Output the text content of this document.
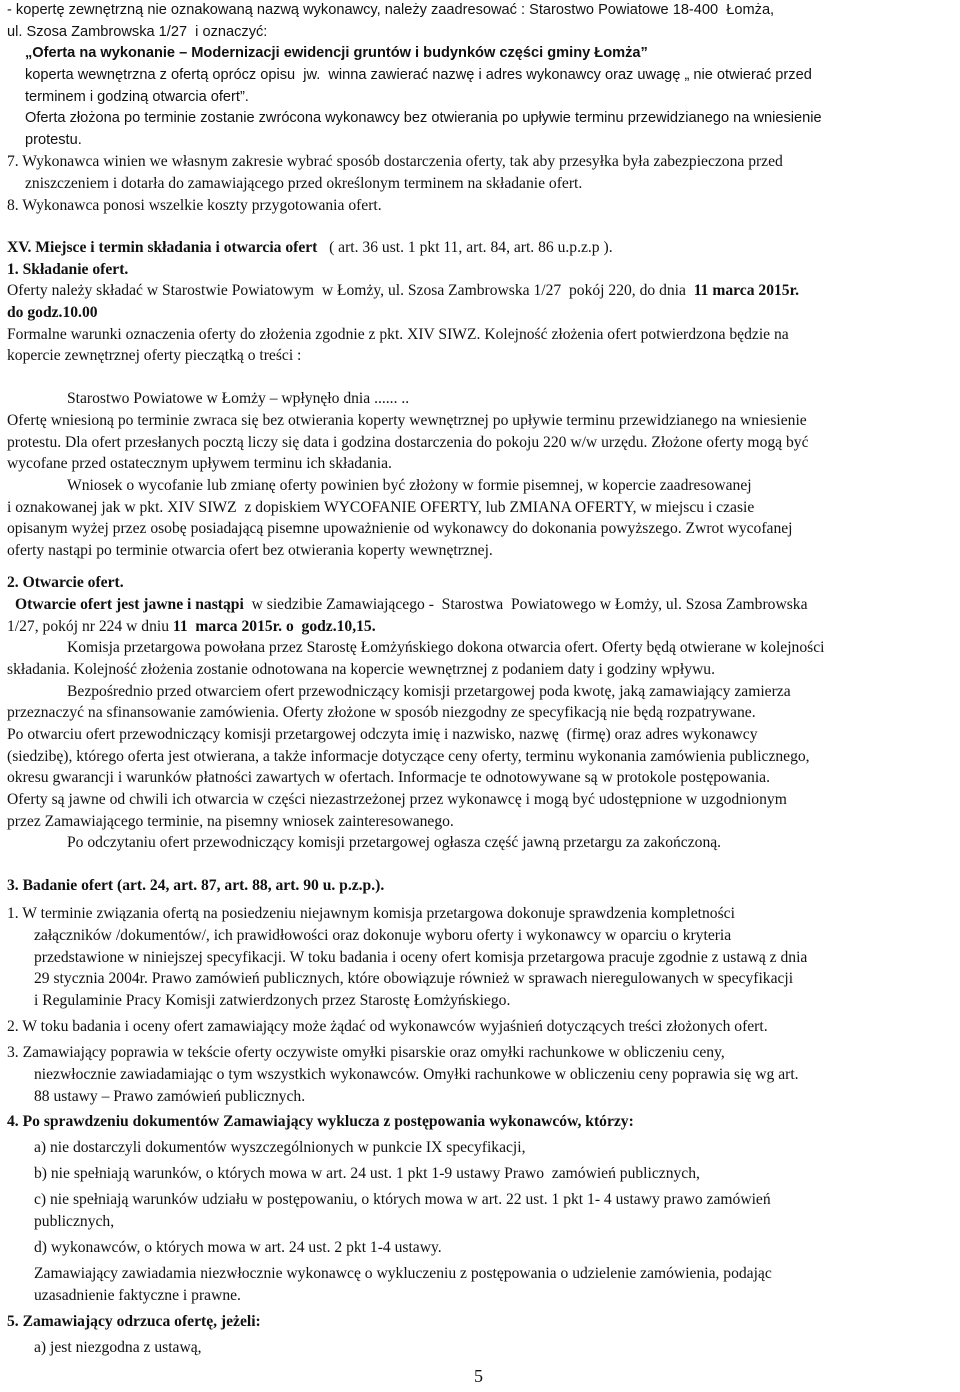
- kopertę zewnętrzną nie oznakowaną nazwą wykonawcy, należy zaadresować : Starostwo Powiatowe 18-400  Łomża,

ul. Szosa Zambrowska 1/27  i oznaczyć:

„Oferta na wykonanie – Modernizacji ewidencji gruntów i budynków części gminy Łomża”

koperta wewnętrzna z ofertą oprócz opisu  jw.  winna zawierać nazwę i adres wykonawcy oraz uwagę „ nie otwierać przed

terminem i godziną otwarcia ofert”.

Oferta złożona po terminie zostanie zwrócona wykonawcy bez otwierania po upływie terminu przewidzianego na wniesienie

protestu.

7. Wykonawca winien we własnym zakresie wybrać sposób dostarczenia oferty, tak aby przesyłka była zabezpieczona przed

zniszczeniem i dotarła do zamawiającego przed określonym terminem na składanie ofert.

8. Wykonawca ponosi wszelkie koszty przygotowania ofert.

XV. Miejsce i termin składania i otwarcia ofert ( art. 36 ust. 1 pkt 11, art. 84, art. 86 u.p.z.p ).

1. Składanie ofert.

Oferty należy składać w Starostwie Powiatowym  w Łomży, ul. Szosa Zambrowska 1/27  pokój 220, do dnia 11 marca 2015r.

do godz.10.00

Formalne warunki oznaczenia oferty do złożenia zgodnie z pkt. XIV SIWZ. Kolejność złożenia ofert potwierdzona będzie na

kopercie zewnętrznej oferty pieczątką o treści :

Starostwo Powiatowe w Łomży – wpłynęło dnia ...... ..

Ofertę wniesioną po terminie zwraca się bez otwierania koperty wewnętrznej po upływie terminu przewidzianego na wniesienie

protestu. Dla ofert przesłanych pocztą liczy się data i godzina dostarczenia do pokoju 220 w/w urzędu. Złożone oferty mogą być

wycofane przed ostatecznym upływem terminu ich składania.

Wniosek o wycofanie lub zmianę oferty powinien być złożony w formie pisemnej, w kopercie zaadresowanej

i oznakowanej jak w pkt. XIV SIWZ  z dopiskiem WYCOFANIE OFERTY, lub ZMIANA OFERTY, w miejscu i czasie

opisanym wyżej przez osobę posiadającą pisemne upoważnienie od wykonawcy do dokonania powyższego. Zwrot wycofanej

oferty nastąpi po terminie otwarcia ofert bez otwierania koperty wewnętrznej.

2. Otwarcie ofert.

Otwarcie ofert jest jawne i nastąpi w siedzibie Zamawiającego -  Starostwa  Powiatowego w Łomży, ul. Szosa Zambrowska

1/27, pokój nr 224 w dniu 11  marca 2015r. o  godz.10,15.

Komisja przetargowa powołana przez Starostę Łomżyńskiego dokona otwarcia ofert. Oferty będą otwierane w kolejności

składania. Kolejność złożenia zostanie odnotowana na kopercie wewnętrznej z podaniem daty i godziny wpływu.

Bezpośrednio przed otwarciem ofert przewodniczący komisji przetargowej poda kwotę, jaką zamawiający zamierza

przeznaczyć na sfinansowanie zamówienia. Oferty złożone w sposób niezgodny ze specyfikacją nie będą rozpatrywane.

Po otwarciu ofert przewodniczący komisji przetargowej odczyta imię i nazwisko, nazwę  (firmę) oraz adres wykonawcy

(siedzibę), którego oferta jest otwierana, a także informacje dotyczące ceny oferty, terminu wykonania zamówienia publicznego,

okresu gwarancji i warunków płatności zawartych w ofertach. Informacje te odnotowywane są w protokole postępowania.

Oferty są jawne od chwili ich otwarcia w części niezastrzeżonej przez wykonawcę i mogą być udostępnione w uzgodnionym

przez Zamawiającego terminie, na pisemny wniosek zainteresowanego.

Po odczytaniu ofert przewodniczący komisji przetargowej ogłasza część jawną przetargu za zakończoną.

3. Badanie ofert (art. 24, art. 87, art. 88, art. 90 u. p.z.p.).

1. W terminie związania ofertą na posiedzeniu niejawnym komisja przetargowa dokonuje sprawdzenia kompletności

załączników /dokumentów/, ich prawidłowości oraz dokonuje wyboru oferty i wykonawcy w oparciu o kryteria

przedstawione w niniejszej specyfikacji. W toku badania i oceny ofert komisja przetargowa pracuje zgodnie z ustawą z dnia

29 stycznia 2004r. Prawo zamówień publicznych, które obowiązuje również w sprawach nieregulowanych w specyfikacji

i Regulaminie Pracy Komisji zatwierdzonych przez Starostę Łomżyńskiego.

2. W toku badania i oceny ofert zamawiający może żądać od wykonawców wyjaśnień dotyczących treści złożonych ofert.

3. Zamawiający poprawia w tekście oferty oczywiste omyłki pisarskie oraz omyłki rachunkowe w obliczeniu ceny,

niezwłocznie zawiadamiając o tym wszystkich wykonawców. Omyłki rachunkowe w obliczeniu ceny poprawia się wg art.

88 ustawy – Prawo zamówień publicznych.

4. Po sprawdzeniu dokumentów Zamawiający wyklucza z postępowania wykonawców, którzy:

a) nie dostarczyli dokumentów wyszczególnionych w punkcie IX specyfikacji,

b) nie spełniają warunków, o których mowa w art. 24 ust. 1 pkt 1-9 ustawy Prawo  zamówień publicznych,

c) nie spełniają warunków udziału w postępowaniu, o których mowa w art. 22 ust. 1 pkt 1- 4 ustawy prawo zamówień

publicznych,

d) wykonawców, o których mowa w art. 24 ust. 2 pkt 1-4 ustawy.

Zamawiający zawiadamia niezwłocznie wykonawcę o wykluczeniu z postępowania o udzielenie zamówienia, podając

uzasadnienie faktyczne i prawne.

5. Zamawiający odrzuca ofertę, jeżeli:

a) jest niezgodna z ustawą,

5
